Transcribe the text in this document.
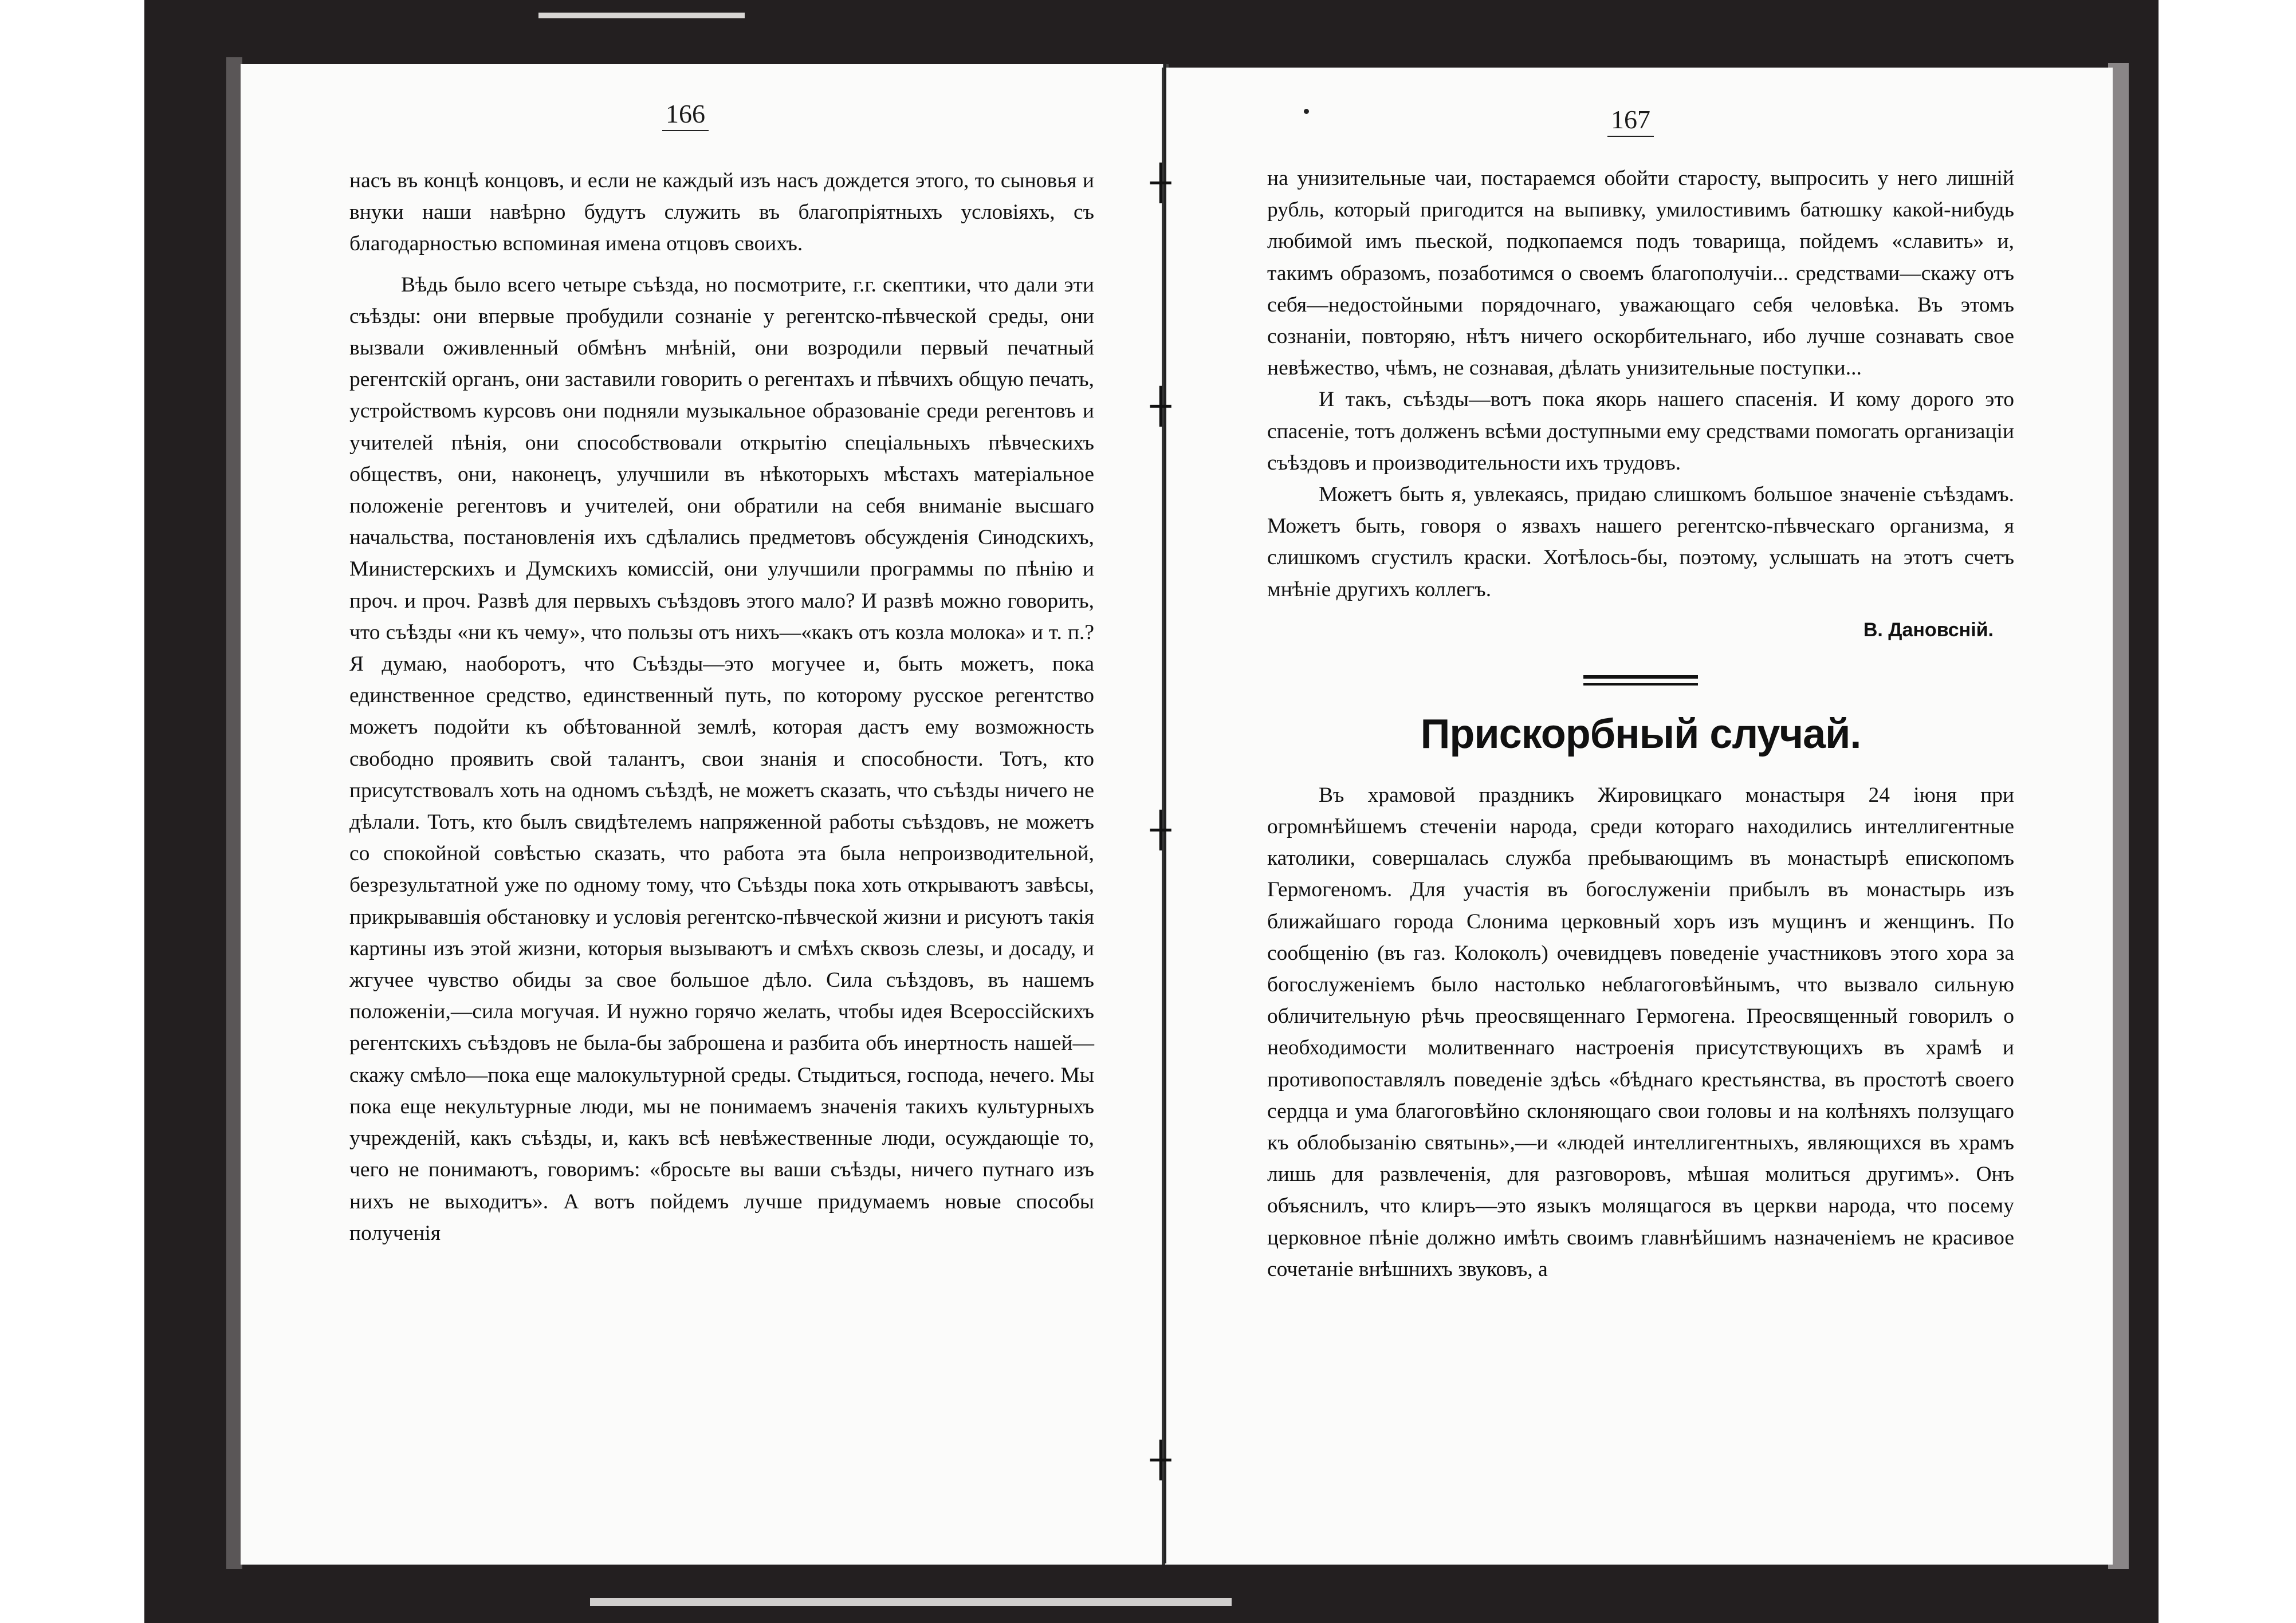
166

насъ въ концѣ концовъ, и если не каждый изъ насъ дождется этого, то сыновья и внуки наши навѣрно будутъ служить въ благопріятныхъ условіяхъ, съ благодарностью вспоминая имена отцовъ своихъ.

Вѣдь было всего четыре съѣзда, но посмотрите, г.г. скептики, что дали эти съѣзды: они впервые пробудили сознаніе у регентско-пѣвческой среды, они вызвали оживленный обмѣнъ мнѣній, они возродили первый печатный регентскій органъ, они заставили говорить о регентахъ и пѣвчихъ общую печать, устройствомъ курсовъ они подняли музыкальное образованіе среди регентовъ и учителей пѣнія, они способствовали открытію спеціальныхъ пѣвческихъ обществъ, они, наконецъ, улучшили въ нѣкоторыхъ мѣстахъ матеріальное положеніе регентовъ и учителей, они обратили на себя вниманіе высшаго начальства, постановленія ихъ сдѣлались предметовъ обсужденія Синодскихъ, Министерскихъ и Думскихъ комиссій, они улучшили программы по пѣнію и проч. и проч. Развѣ для первыхъ съѣздовъ этого мало? И развѣ можно говорить, что съѣзды «ни къ чему», что пользы отъ нихъ—«какъ отъ козла молока» и т. п.? Я думаю, наоборотъ, что Съѣзды—это могучее и, быть можетъ, пока единственное средство, единственный путь, по которому русское регентство можетъ подойти къ обѣтованной землѣ, которая дастъ ему возможность свободно проявить свой талантъ, свои знанія и способности. Тотъ, кто присутствовалъ хоть на одномъ съѣздѣ, не можетъ сказать, что съѣзды ничего не дѣлали. Тотъ, кто былъ свидѣтелемъ напряженной работы съѣздовъ, не можетъ со спокойной совѣстью сказать, что работа эта была непроизводительной, безрезультатной уже по одному тому, что Съѣзды пока хоть открываютъ завѣсы, прикрывавшія обстановку и условія регентско-пѣвческой жизни и рисуютъ такія картины изъ этой жизни, которыя вызываютъ и смѣхъ сквозь слезы, и досаду, и жгучее чувство обиды за свое большое дѣло. Сила съѣздовъ, въ нашемъ положеніи,—сила могучая. И нужно горячо желать, чтобы идея Всероссійскихъ регентскихъ съѣздовъ не была-бы заброшена и разбита объ инертность нашей—скажу смѣло—пока еще малокультурной среды. Стыдиться, господа, нечего. Мы пока еще некультурные люди, мы не понимаемъ значенія такихъ культурныхъ учрежденій, какъ съѣзды, и, какъ всѣ невѣжественные люди, осуждающіе то, чего не понимаютъ, говоримъ: «бросьте вы ваши съѣзды, ничего путнаго изъ нихъ не выходитъ». А вотъ пойдемъ лучше придумаемъ новые способы полученія

167

на унизительные чаи, постараемся обойти старосту, выпросить у него лишній рубль, который пригодится на выпивку, умилостивимъ батюшку какой-нибудь любимой имъ пьеской, подкопаемся подъ товарища, пойдемъ «славить» и, такимъ образомъ, позаботимся о своемъ благополучіи... средствами—скажу отъ себя—недостойными порядочнаго, уважающаго себя человѣка. Въ этомъ сознаніи, повторяю, нѣтъ ничего оскорбительнаго, ибо лучше сознавать свое невѣжество, чѣмъ, не сознавая, дѣлать унизительные поступки...

И такъ, съѣзды—вотъ пока якорь нашего спасенія. И кому дорого это спасеніе, тотъ долженъ всѣми доступными ему средствами помогать организаціи съѣздовъ и производительности ихъ трудовъ.

Можетъ быть я, увлекаясь, придаю слишкомъ большое значеніе съѣздамъ. Можетъ быть, говоря о язвахъ нашего регентско-пѣвческаго организма, я слишкомъ сгустилъ краски. Хотѣлось-бы, поэтому, услышать на этотъ счетъ мнѣніе другихъ коллегъ.

В. Дановсній.
Прискорбный случай.

Въ храмовой праздникъ Жировицкаго монастыря 24 іюня при огромнѣйшемъ стеченіи народа, среди котораго находились интеллигентные католики, совершалась служба пребывающимъ въ монастырѣ епископомъ Гермогеномъ. Для участія въ богослуженіи прибылъ въ монастырь изъ ближайшаго города Слонима церковный хоръ изъ мущинъ и женщинъ. По сообщенію (въ газ. Колоколъ) очевидцевъ поведеніе участниковъ этого хора за богослуженіемъ было настолько неблагоговѣйнымъ, что вызвало сильную обличительную рѣчь преосвященнаго Гермогена. Преосвященный говорилъ о необходимости молитвеннаго настроенія присутствующихъ въ храмѣ и противопоставлялъ поведеніе здѣсь «бѣднаго крестьянства, въ простотѣ своего сердца и ума благоговѣйно склоняющаго свои головы и на колѣняхъ ползущаго къ облобызанію святынь»,—и «людей интеллигентныхъ, являющихся въ храмъ лишь для развлеченія, для разговоровъ, мѣшая молиться другимъ». Онъ объяснилъ, что клиръ—это языкъ молящагося въ церкви народа, что посему церковное пѣніе должно имѣть своимъ главнѣйшимъ назначеніемъ не красивое сочетаніе внѣшнихъ звуковъ, а

┼
┼
┼
┼
